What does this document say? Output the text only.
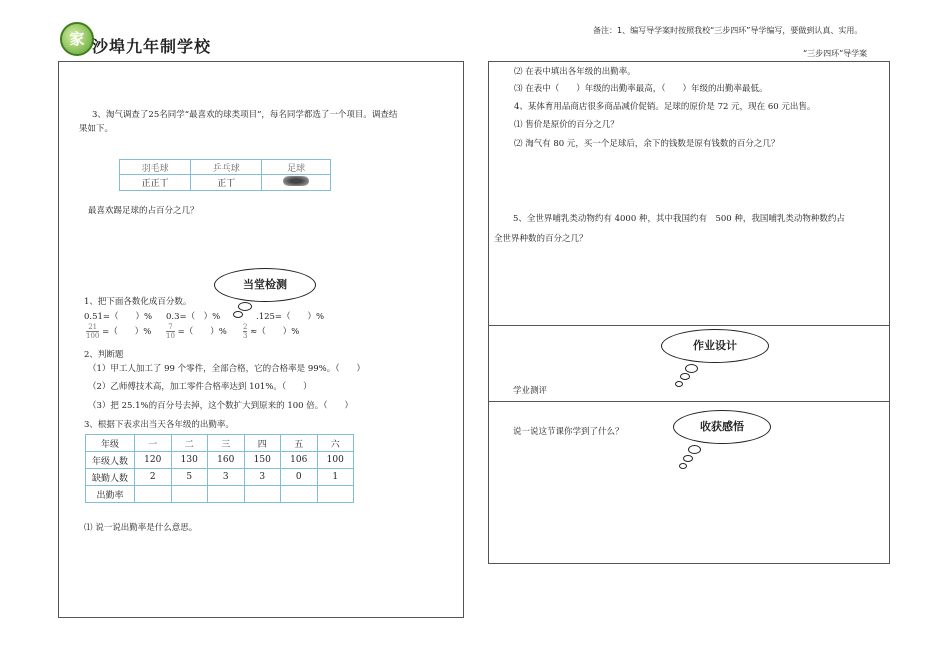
家 沙埠九年制学校
备注：1、编写导学案时按照我校“三步四环”导学编写，要做到认真、实用。
“三步四环”导学案
3、淘气调查了25名同学“最喜欢的球类项目”，每名同学都选了一个项目。调查结
果如下。
羽毛球	乒乓球	足球
正正丅	正丅	
最喜欢踢足球的占百分之几？
当堂检测
1、把下面各数化成百分数。
0.51=（　　）% 0.3=（　）%	.125=（　　）%
$\frac{21}{100}$ =（　　）% $\frac{7}{10}$ =（　　）% $\frac{2}{3}$ ≈（　　）%
2、判断题
（1）甲工人加工了 99 个零件，全部合格，它的合格率是 99%。（　　）
（2）乙师傅技术高，加工零件合格率达到 101%。（　　）
（3）把 25.1%的百分号去掉，这个数扩大到原来的 100 倍。（　　）
3、根据下表求出当天各年级的出勤率。
年级	一	二	三	四	五	六
年级人数	120	130	160	150	106	100
缺勤人数	2	5	3	3	0	1
出勤率						
⑴ 说一说出勤率是什么意思。
⑵ 在表中填出各年级的出勤率。
⑶ 在表中（　　）年级的出勤率最高，（　　）年级的出勤率最低。
4、某体育用品商店很多商品减价促销。足球的原价是 72 元，现在 60 元出售。
⑴ 售价是原价的百分之几？
⑵ 淘气有 80 元，买一个足球后，余下的钱数是原有钱数的百分之几？
5、全世界哺乳类动物约有 4000 种，其中我国约有　500 种，我国哺乳类动物种数约占
全世界种数的百分之几？
作业设计
学业测评
收获感悟
说一说这节课你学到了什么？
